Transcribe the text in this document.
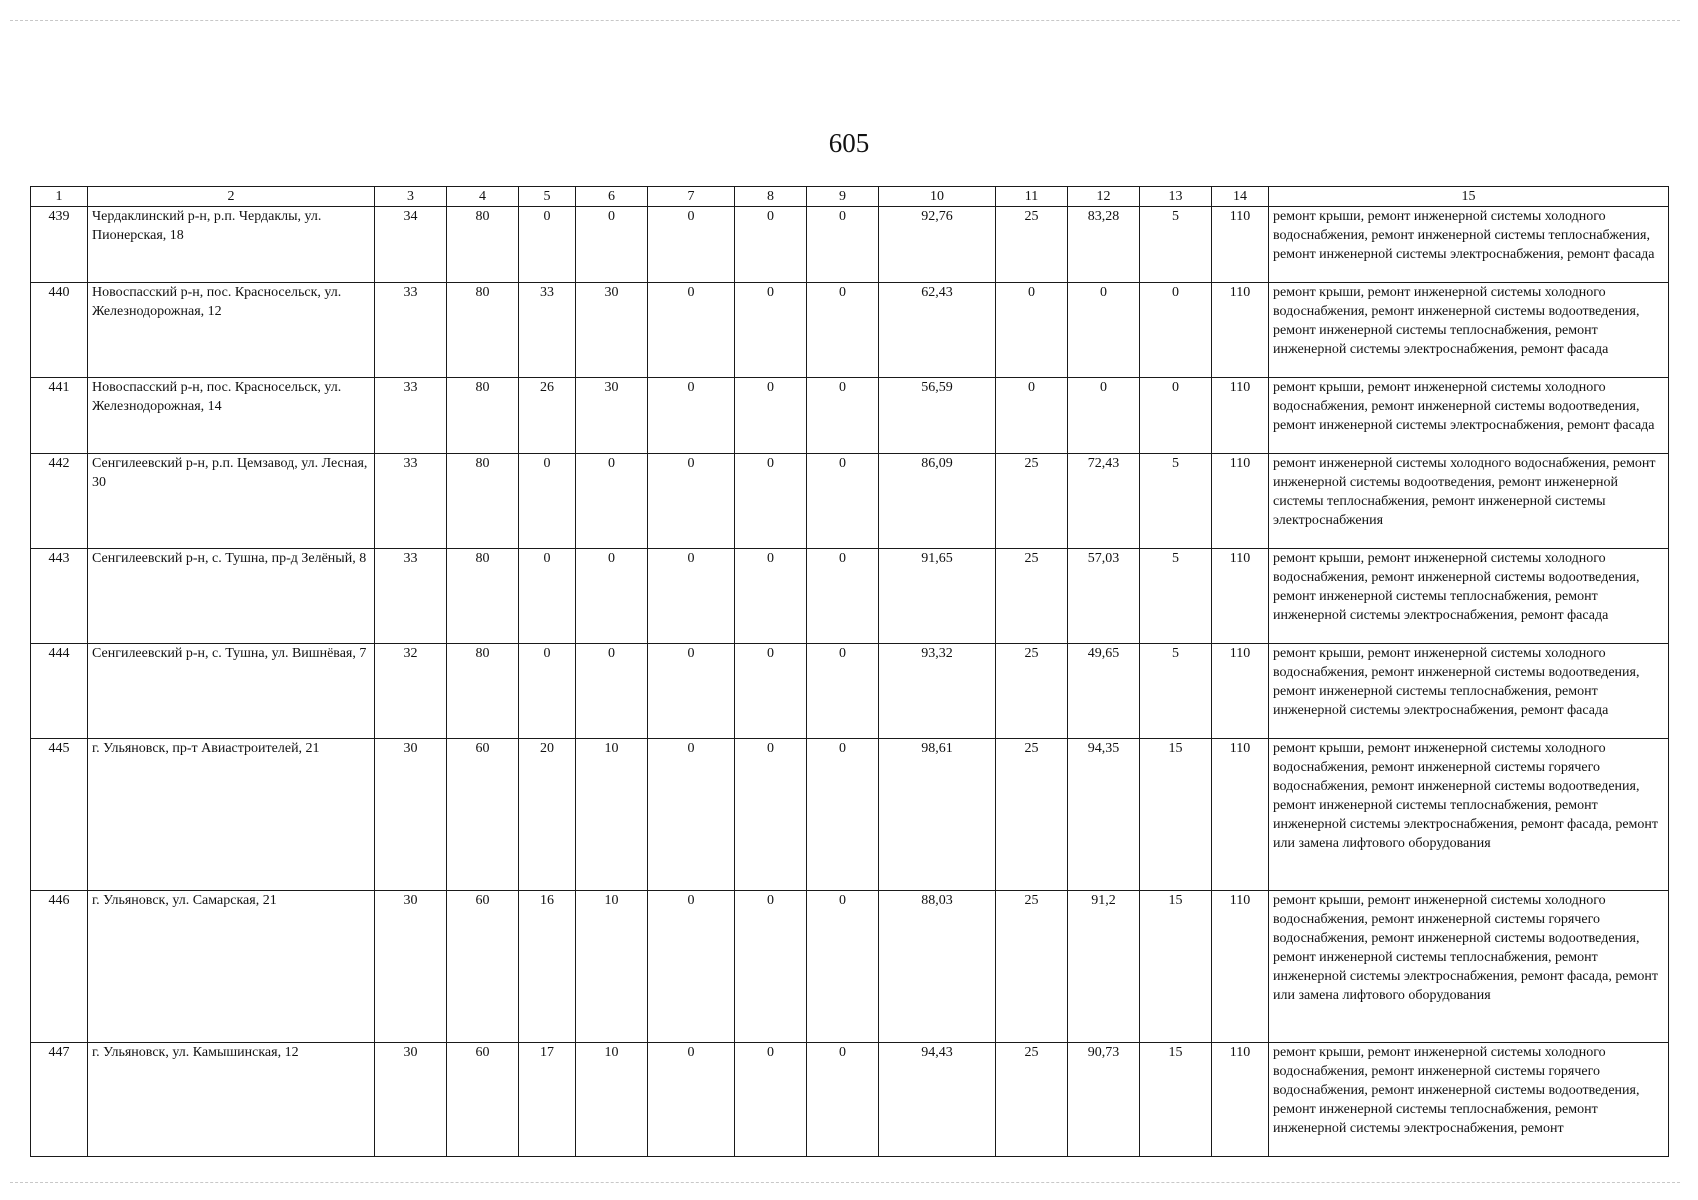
605
1	2	3	4	5	6	7	8	9	10	11	12	13	14	15
439	Чердаклинский р-н, р.п. Чердаклы, ул. Пионерская, 18	34	80	0	0	0	0	0	92,76	25	83,28	5	110	ремонт крыши, ремонт инженерной системы холодного водоснабжения, ремонт инженерной системы теплоснабжения, ремонт инженерной системы электроснабжения, ремонт фасада
440	Новоспасский р-н, пос. Красносельск, ул. Железнодорожная, 12	33	80	33	30	0	0	0	62,43	0	0	0	110	ремонт крыши, ремонт инженерной системы холодного водоснабжения, ремонт инженерной системы водоотведения, ремонт инженерной системы теплоснабжения, ремонт инженерной системы электроснабжения, ремонт фасада
441	Новоспасский р-н, пос. Красносельск, ул. Железнодорожная, 14	33	80	26	30	0	0	0	56,59	0	0	0	110	ремонт крыши, ремонт инженерной системы холодного водоснабжения, ремонт инженерной системы водоотведения, ремонт инженерной системы электроснабжения, ремонт фасада
442	Сенгилеевский р-н, р.п. Цемзавод, ул. Лесная, 30	33	80	0	0	0	0	0	86,09	25	72,43	5	110	ремонт инженерной системы холодного водоснабжения, ремонт инженерной системы водоотведения, ремонт инженерной системы теплоснабжения, ремонт инженерной системы электроснабжения
443	Сенгилеевский р-н, с. Тушна, пр-д Зелёный, 8	33	80	0	0	0	0	0	91,65	25	57,03	5	110	ремонт крыши, ремонт инженерной системы холодного водоснабжения, ремонт инженерной системы водоотведения, ремонт инженерной системы теплоснабжения, ремонт инженерной системы электроснабжения, ремонт фасада
444	Сенгилеевский р-н, с. Тушна, ул. Вишнёвая, 7	32	80	0	0	0	0	0	93,32	25	49,65	5	110	ремонт крыши, ремонт инженерной системы холодного водоснабжения, ремонт инженерной системы водоотведения, ремонт инженерной системы теплоснабжения, ремонт инженерной системы электроснабжения, ремонт фасада
445	г. Ульяновск, пр-т Авиастроителей, 21	30	60	20	10	0	0	0	98,61	25	94,35	15	110	ремонт крыши, ремонт инженерной системы холодного водоснабжения, ремонт инженерной системы горячего водоснабжения, ремонт инженерной системы водоотведения, ремонт инженерной системы теплоснабжения, ремонт инженерной системы электроснабжения, ремонт фасада, ремонт или замена лифтового оборудования
446	г. Ульяновск, ул. Самарская, 21	30	60	16	10	0	0	0	88,03	25	91,2	15	110	ремонт крыши, ремонт инженерной системы холодного водоснабжения, ремонт инженерной системы горячего водоснабжения, ремонт инженерной системы водоотведения, ремонт инженерной системы теплоснабжения, ремонт инженерной системы электроснабжения, ремонт фасада, ремонт или замена лифтового оборудования
447	г. Ульяновск, ул. Камышинская, 12	30	60	17	10	0	0	0	94,43	25	90,73	15	110	ремонт крыши, ремонт инженерной системы холодного водоснабжения, ремонт инженерной системы горячего водоснабжения, ремонт инженерной системы водоотведения, ремонт инженерной системы теплоснабжения, ремонт инженерной системы электроснабжения, ремонт
